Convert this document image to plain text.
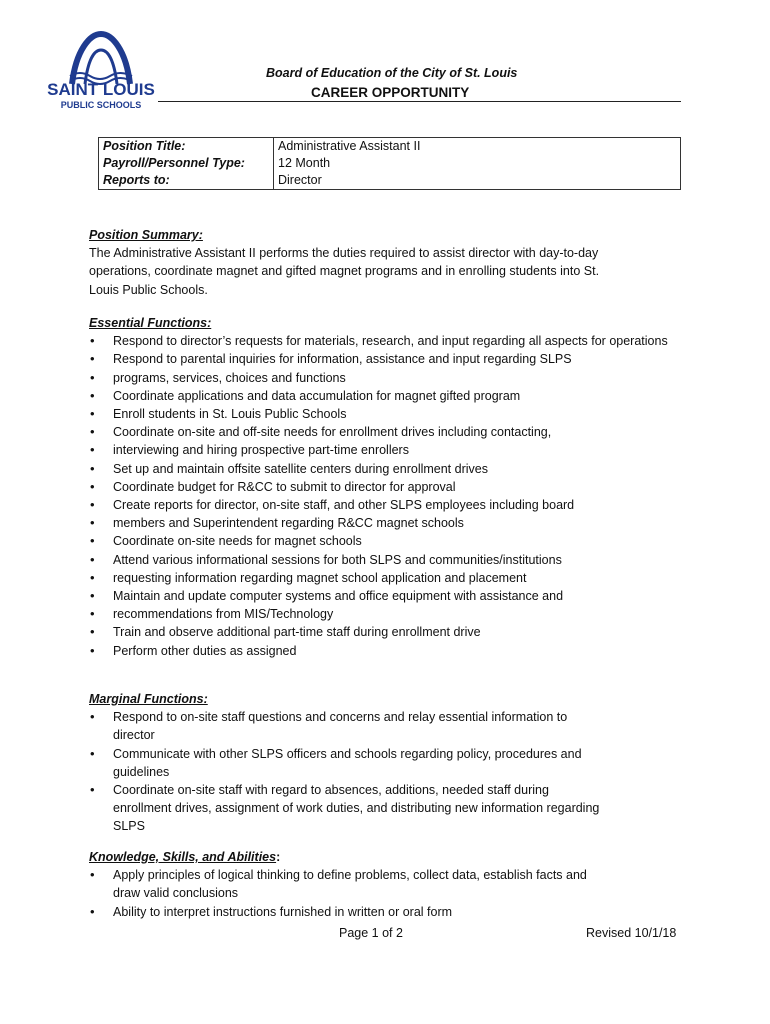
SAINT LOUIS
PUBLIC SCHOOLS
Board of Education of the City of St. Louis
CAREER OPPORTUNITY
Position Title:	Administrative Assistant II
Payroll/Personnel Type:	12 Month
Reports to:	Director
Position Summary:
The Administrative Assistant II performs the duties required to assist director with day-to-day
operations, coordinate magnet and gifted magnet programs and in enrolling students into St.
Louis Public Schools.
Essential Functions:
• Respond to director’s requests for materials, research, and input regarding all aspects for operations
• Respond to parental inquiries for information, assistance and input regarding SLPS
• programs, services, choices and functions
• Coordinate applications and data accumulation for magnet gifted program
• Enroll students in St. Louis Public Schools
• Coordinate on-site and off-site needs for enrollment drives including contacting,
• interviewing and hiring prospective part-time enrollers
• Set up and maintain offsite satellite centers during enrollment drives
• Coordinate budget for R&CC to submit to director for approval
• Create reports for director, on-site staff, and other SLPS employees including board
• members and Superintendent regarding R&CC magnet schools
• Coordinate on-site needs for magnet schools
• Attend various informational sessions for both SLPS and communities/institutions
• requesting information regarding magnet school application and placement
• Maintain and update computer systems and office equipment with assistance and
• recommendations from MIS/Technology
• Train and observe additional part-time staff during enrollment drive
• Perform other duties as assigned
Marginal Functions:
• Respond to on-site staff questions and concerns and relay essential information to
director
• Communicate with other SLPS officers and schools regarding policy, procedures and
guidelines
• Coordinate on-site staff with regard to absences, additions, needed staff during
enrollment drives, assignment of work duties, and distributing new information regarding
SLPS
Knowledge, Skills, and Abilities:
• Apply principles of logical thinking to define problems, collect data, establish facts and
draw valid conclusions
• Ability to interpret instructions furnished in written or oral form
Page 1 of 2	Revised 10/1/18
